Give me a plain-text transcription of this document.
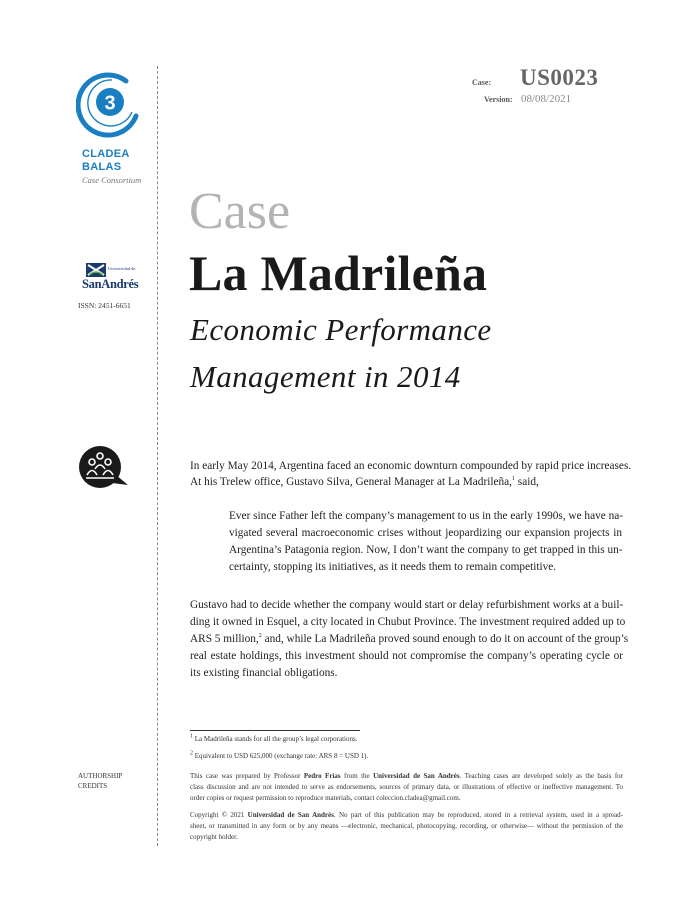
3
CLADEA
BALAS
Case Consortium
Universidad de
SanAndrés
ISSN: 2451-6651
Case: US0023
Version: 08/08/2021
Case
La Madrileña
Economic Performance
Management in 2014
In early May 2014, Argentina faced an economic downturn compounded by rapid price increases.
At his Trelew office, Gustavo Silva, General Manager at La Madrileña,$^1$ said,
Ever since Father left the company’s management to us in the early 1990s, we have na-
vigated several macroeconomic crises without jeopardizing our expansion projects in
Argentina’s Patagonia region. Now, I don’t want the company to get trapped in this un-
certainty, stopping its initiatives, as it needs them to remain competitive.
Gustavo had to decide whether the company would start or delay refurbishment works at a buil-
ding it owned in Esquel, a city located in Chubut Province. The investment required added up to
ARS 5 million,$^2$ and, while La Madrileña proved sound enough to do it on account of the group’s
real estate holdings, this investment should not compromise the company’s operating cycle or
its existing financial obligations.
$^1$ La Madrileña stands for all the group’s legal corporations.
$^2$ Equivalent to USD 625,000 (exchange rate: ARS 8 = USD 1).
This case was prepared by Professor Pedro Frías from the Universidad de San Andrés. Teaching cases are developed solely as the basis for
class discussion and are not intended to serve as endorsements, sources of primary data, or illustrations of effective or ineffective management. To
order copies or request permission to reproduce materials, contact coleccion.cladea@gmail.com.
Copyright © 2021 Universidad de San Andrés. No part of this publication may be reproduced, stored in a retrieval system, used in a spread-
sheet, or transmitted in any form or by any means —electronic, mechanical, photocopying, recording, or otherwise— without the permission of the
copyright holder.
AUTHORSHIP
CREDITS
